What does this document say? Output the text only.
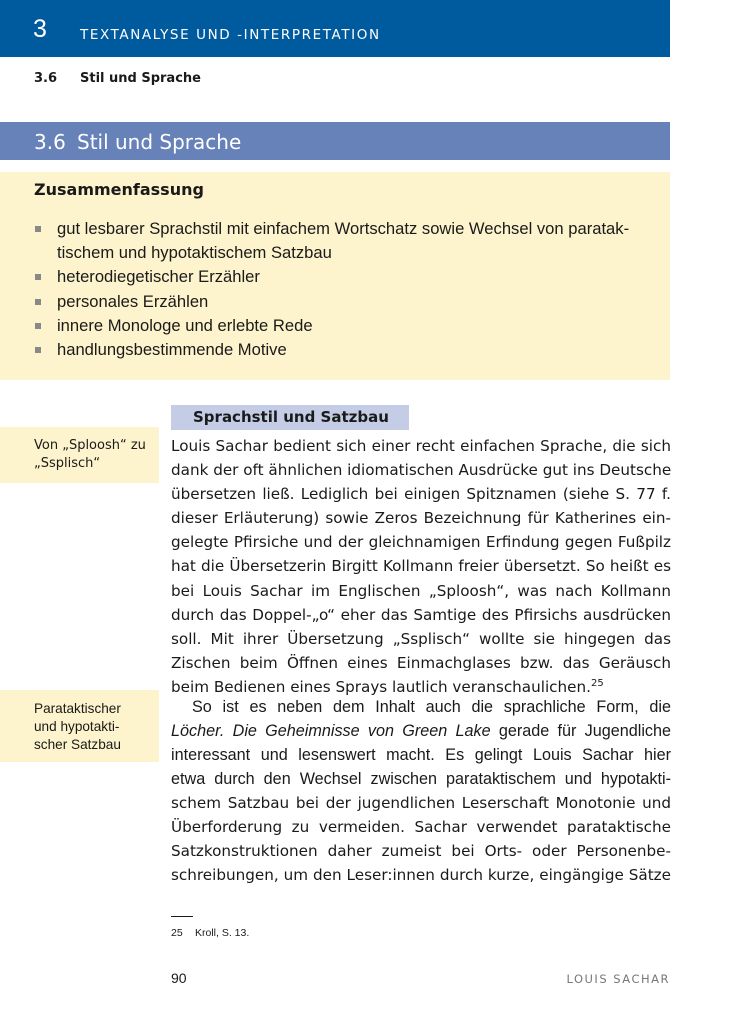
3 TEXTANALYSE UND -INTERPRETATION
3.6 Stil und Sprache
3.6 Stil und Sprache
Zusammenfassung
gut lesbarer Sprachstil mit einfachem Wortschatz sowie Wechsel von paratak-
tischem und hypotaktischem Satzbau
heterodiegetischer Erzähler
personales Erzählen
innere Monologe und erlebte Rede
handlungsbestimmende Motive
Von „Sploosh“ zu
„Ssplisch“
Sprachstil und Satzbau
Louis Sachar bedient sich einer recht einfachen Sprache, die sich
dank der oft ähnlichen idiomatischen Ausdrücke gut ins Deutsche
übersetzen ließ. Lediglich bei einigen Spitznamen (siehe S. 77 f.
dieser Erläuterung) sowie Zeros Bezeichnung für Katherines ein-
gelegte Pfirsiche und der gleichnamigen Erfindung gegen Fußpilz
hat die Übersetzerin Birgitt Kollmann freier übersetzt. So heißt es
bei Louis Sachar im Englischen „Sploosh“, was nach Kollmann
durch das Doppel-„o“ eher das Samtige des Pfirsichs ausdrücken
soll. Mit ihrer Übersetzung „Ssplisch“ wollte sie hingegen das
Zischen beim Öffnen eines Einmachglases bzw. das Geräusch
beim Bedienen eines Sprays lautlich veranschaulichen.$^{25}$
Parataktischer
und hypotakti-
scher Satzbau
So ist es neben dem Inhalt auch die sprachliche Form, die
Löcher. Die Geheimnisse von Green Lake gerade für Jugendliche
interessant und lesenswert macht. Es gelingt Louis Sachar hier
etwa durch den Wechsel zwischen parataktischem und hypotakti-
schem Satzbau bei der jugendlichen Leserschaft Monotonie und
Überforderung zu vermeiden. Sachar verwendet parataktische
Satzkonstruktionen daher zumeist bei Orts- oder Personenbe-
schreibungen, um den Leser:innen durch kurze, eingängige Sätze
25 Kroll, S. 13.
90	LOUIS SACHAR
